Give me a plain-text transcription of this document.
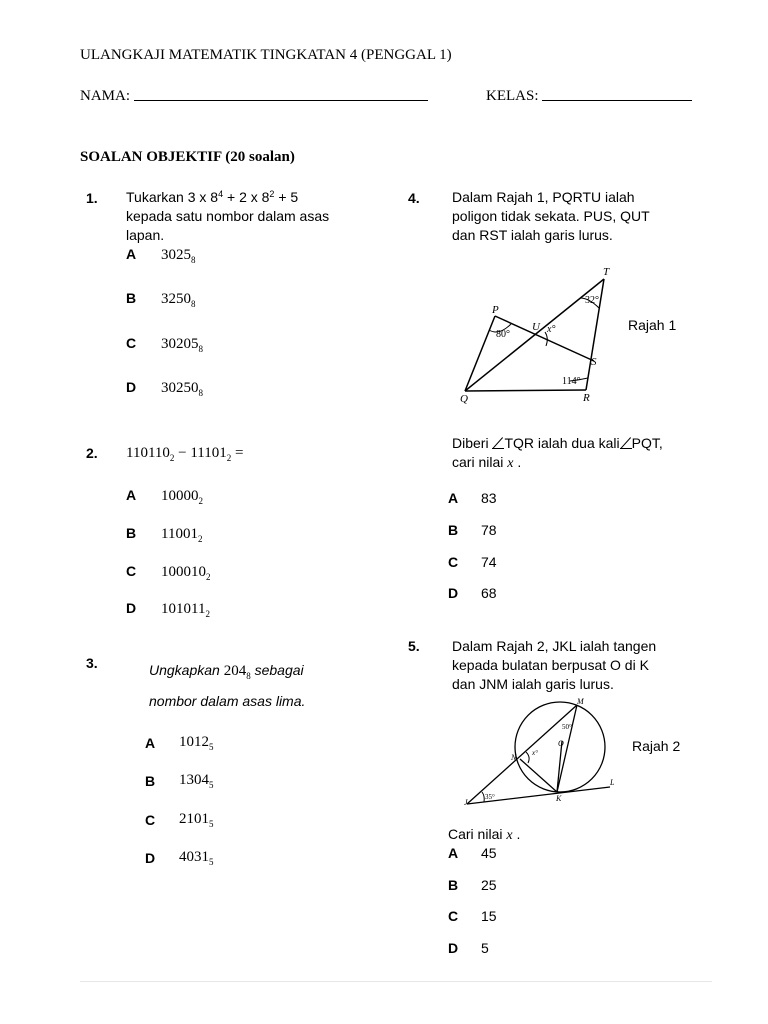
ULANGKAJI MATEMATIK TINGKATAN 4 (PENGGAL 1)
NAMA:	KELAS:
SOALAN OBJEKTIF (20 soalan)
1. Tukarkan 3 x $8^4 + 2$ x $8^2 + 5$
kepada satu nombor dalam asas
lapan.
A $3025_8$
B $3250_8$
C $30205_8$
D $30250_8$
2. $110110_2 - 11101_2$ =
A $10000_2$
B $11001_2$
C $100010_2$
D $101011_2$
3.	Ungkapkan $204_8$ sebagai
nombor dalam asas lima.
A $1012_5$
B $1304_5$
C $2101_5$
D $4031_5$
4. Dalam Rajah 1, PQRTU ialah
poligon tidak sekata. PUS, QUT
dan RST ialah garis lurus.
T
P
U
S
Q	R
32°
80°	x°
114°
Rajah 1
Diberi TQR ialah dua kali PQT,
cari nilai x .
A 83
B 78
C 74
D 68
5. Dalam Rajah 2, JKL ialah tangen
kepada bulatan berpusat O di K
dan JNM ialah garis lurus.
M
N
O
J	K
L
50°
x°
35°
Rajah 2
Cari nilai x .
A 45
B 25
C 15
D 5
